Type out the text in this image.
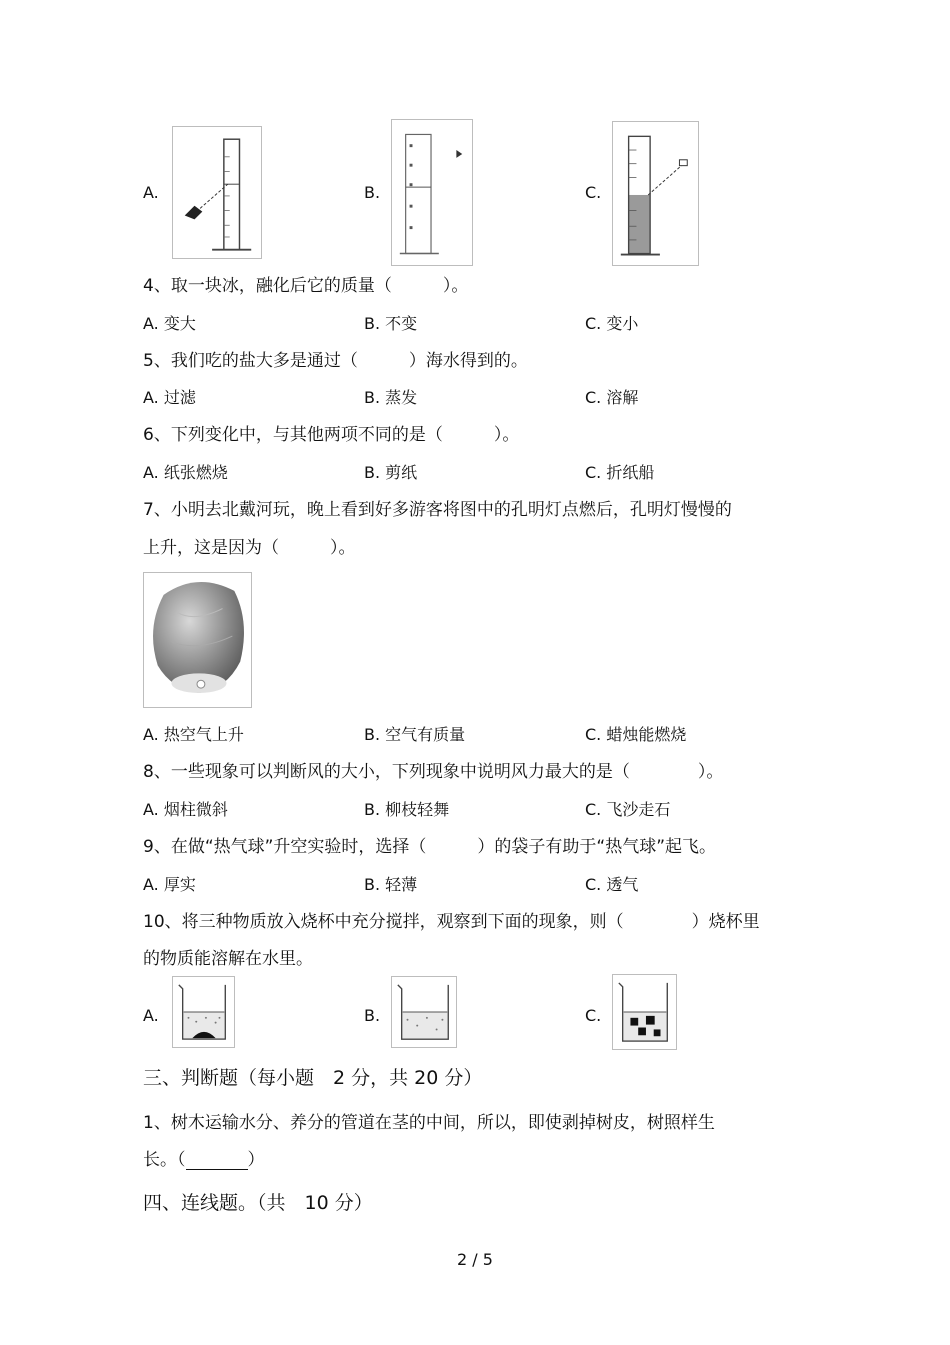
A.	B.	C.
4、取一块冰，融化后它的质量（　　　）。
A. 变大	B. 不变	C. 变小
5、我们吃的盐大多是通过（　　　）海水得到的。
A. 过滤	B. 蒸发	C. 溶解
6、下列变化中，与其他两项不同的是（　　　）。
A. 纸张燃烧	B. 剪纸	C. 折纸船
7、小明去北戴河玩，晚上看到好多游客将图中的孔明灯点燃后，孔明灯慢慢的
上升，这是因为（　　　）。
A. 热空气上升	B. 空气有质量	C. 蜡烛能燃烧
8、一些现象可以判断风的大小，下列现象中说明风力最大的是（　　　　）。
A. 烟柱微斜	B. 柳枝轻舞	C. 飞沙走石
9、在做“热气球”升空实验时，选择（　　　）的袋子有助于“热气球”起飞。
A. 厚实	B. 轻薄	C. 透气
10、将三种物质放入烧杯中充分搅拌，观察到下面的现象，则（　　　　）烧杯里
的物质能溶解在水里。
A.	B.	C.
三、判断题（每小题　2 分，共 20 分）
1、树木运输水分、养分的管道在茎的中间，所以，即使剥掉树皮，树照样生
长。（	）
四、连线题。（共　10 分）
2 / 5
